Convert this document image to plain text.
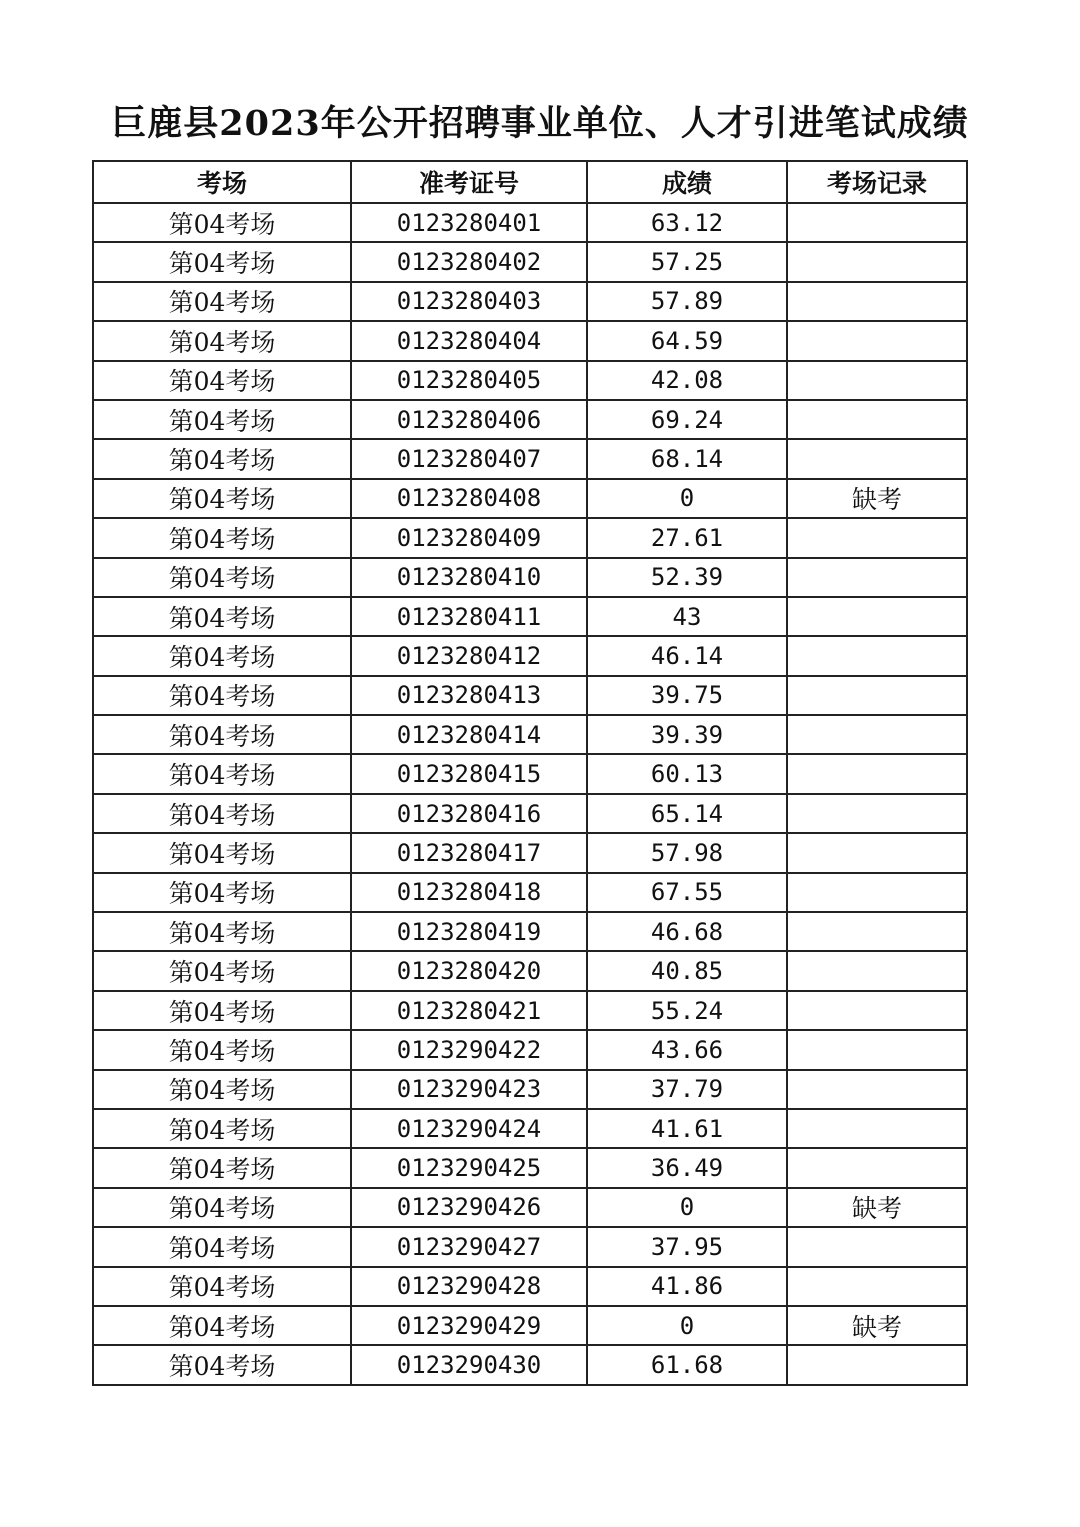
巨鹿县2023年公开招聘事业单位、人才引进笔试成绩
考场	准考证号	成绩	考场记录
第04考场	0123280401	63.12	
第04考场	0123280402	57.25	
第04考场	0123280403	57.89	
第04考场	0123280404	64.59	
第04考场	0123280405	42.08	
第04考场	0123280406	69.24	
第04考场	0123280407	68.14	
第04考场	0123280408	0	缺考
第04考场	0123280409	27.61	
第04考场	0123280410	52.39	
第04考场	0123280411	43	
第04考场	0123280412	46.14	
第04考场	0123280413	39.75	
第04考场	0123280414	39.39	
第04考场	0123280415	60.13	
第04考场	0123280416	65.14	
第04考场	0123280417	57.98	
第04考场	0123280418	67.55	
第04考场	0123280419	46.68	
第04考场	0123280420	40.85	
第04考场	0123280421	55.24	
第04考场	0123290422	43.66	
第04考场	0123290423	37.79	
第04考场	0123290424	41.61	
第04考场	0123290425	36.49	
第04考场	0123290426	0	缺考
第04考场	0123290427	37.95	
第04考场	0123290428	41.86	
第04考场	0123290429	0	缺考
第04考场	0123290430	61.68	
